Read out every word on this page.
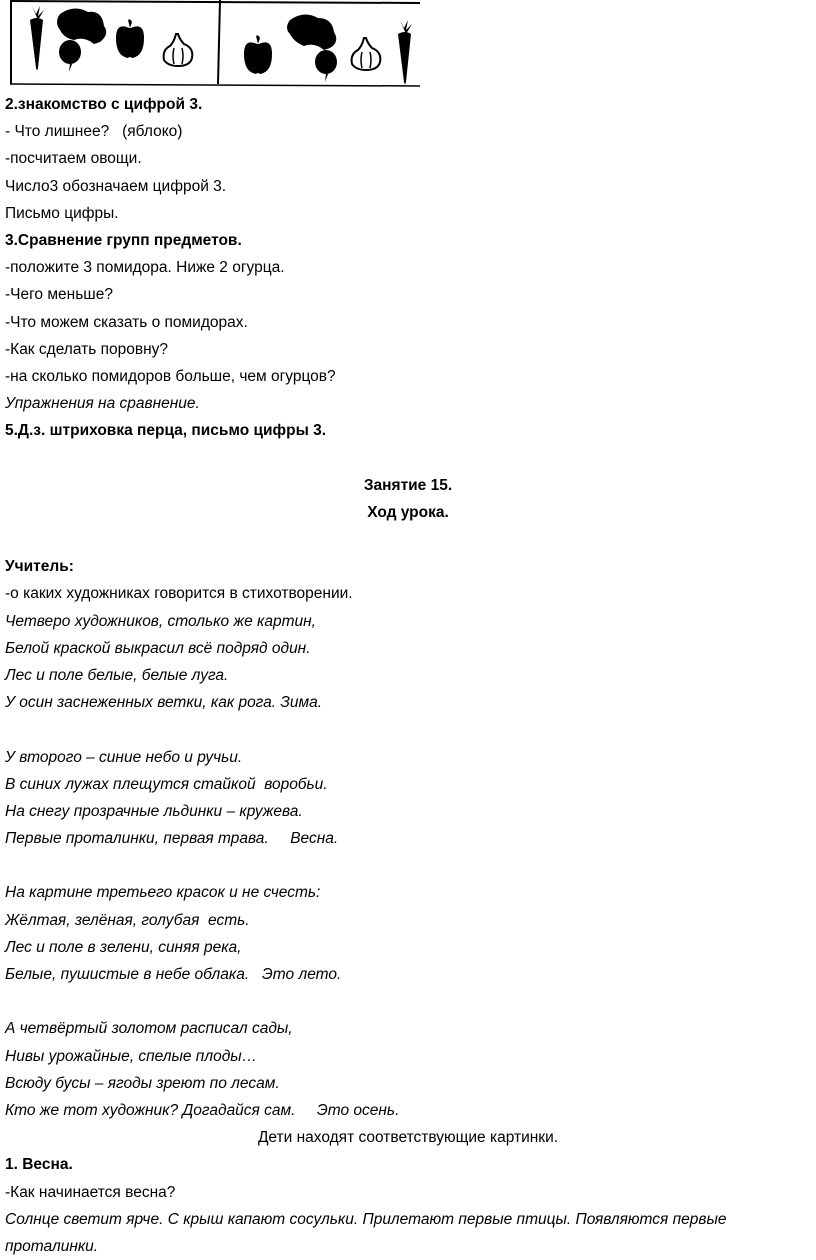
2.знакомство с цифрой 3.
- Что лишнее?   (яблоко)
-посчитаем овощи.
Число3 обозначаем цифрой 3.
Письмо цифры.
3.Сравнение групп предметов.
-положите 3 помидора. Ниже 2 огурца.
-Чего меньше?
-Что можем сказать о помидорах.
-Как сделать поровну?
-на сколько помидоров больше, чем огурцов?
Упражнения на сравнение.
5.Д.з. штриховка перца, письмо цифры 3.
Занятие 15.
Ход урока.
Учитель:
-о каких художниках говорится в стихотворении.
Четверо художников, столько же картин,
Белой краской выкрасил всё подряд один.
Лес и поле белые, белые луга.
У осин заснеженных ветки, как рога. Зима.
У второго – синие небо и ручьи.
В синих лужах плещутся стайкой  воробьи.
На снегу прозрачные льдинки – кружева.
Первые проталинки, первая трава.     Весна.
На картине третьего красок и не счесть:
Жёлтая, зелёная, голубая  есть.
Лес и поле в зелени, синяя река,
Белые, пушистые в небе облака.   Это лето.
А четвёртый золотом расписал сады,
Нивы урожайные, спелые плоды…
Всюду бусы – ягоды зреют по лесам.
Кто же тот художник? Догадайся сам.     Это осень.
Дети находят соответствующие картинки.
1. Весна.
-Как начинается весна?
Солнце светит ярче. С крыш капают сосульки. Прилетают первые птицы. Появляются первые проталинки.
